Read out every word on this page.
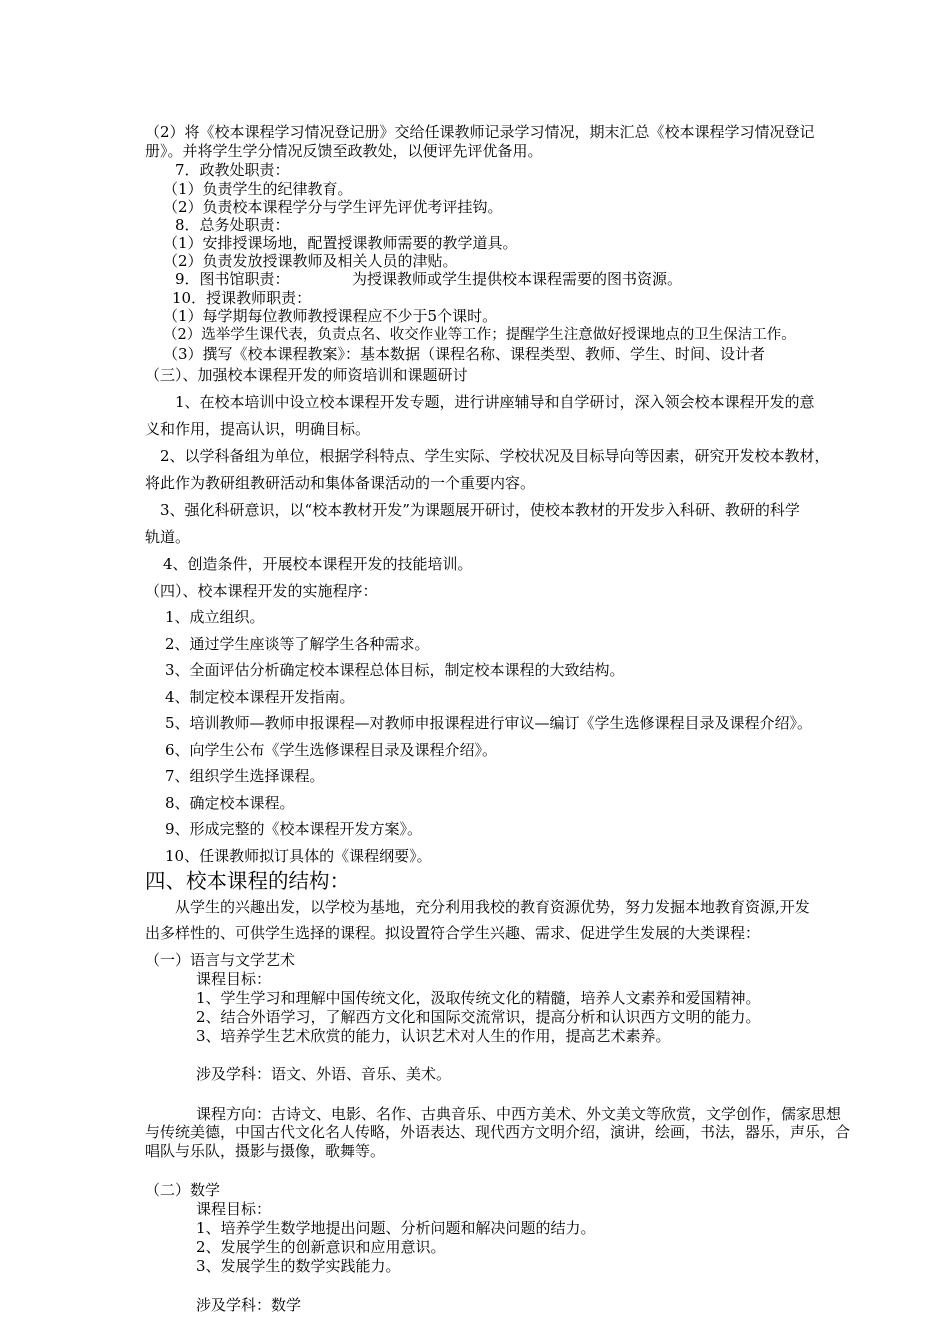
（2）将《校本课程学习情况登记册》交给任课教师记录学习情况，期末汇总《校本课程学习情况登记
册》。并将学生学分情况反馈至政教处，以便评先评优备用。
7．政教处职责：
（1）负责学生的纪律教育。
（2）负责校本课程学分与学生评先评优考评挂钩。
8．总务处职责：
（1）安排授课场地，配置授课教师需要的教学道具。
（2）负责发放授课教师及相关人员的津贴。
9．图书馆职责：	为授课教师或学生提供校本课程需要的图书资源。
10．授课教师职责：
（1）每学期每位教师教授课程应不少于5个课时。
（2）选举学生课代表，负责点名、收交作业等工作；提醒学生注意做好授课地点的卫生保洁工作。
（3）撰写《校本课程教案》：基本数据（课程名称、课程类型、教师、学生、时间、设计者
（三）、加强校本课程开发的师资培训和课题研讨
1、在校本培训中设立校本课程开发专题，进行讲座辅导和自学研讨，深入领会校本课程开发的意
义和作用，提高认识，明确目标。
2、以学科备组为单位，根据学科特点、学生实际、学校状况及目标导向等因素，研究开发校本教材，
将此作为教研组教研活动和集体备课活动的一个重要内容。
3、强化科研意识，以“校本教材开发”为课题展开研讨，使校本教材的开发步入科研、教研的科学
轨道。
4、创造条件，开展校本课程开发的技能培训。
（四）、校本课程开发的实施程序：
1、成立组织。
2、通过学生座谈等了解学生各种需求。
3、全面评估分析确定校本课程总体目标，制定校本课程的大致结构。
4、制定校本课程开发指南。
5、培训教师—教师申报课程—对教师申报课程进行审议—编订《学生选修课程目录及课程介绍》。
6、向学生公布《学生选修课程目录及课程介绍》。
7、组织学生选择课程。
8、确定校本课程。
9、形成完整的《校本课程开发方案》。
10、任课教师拟订具体的《课程纲要》。
四、校本课程的结构：
从学生的兴趣出发，以学校为基地，充分利用我校的教育资源优势，努力发掘本地教育资源,开发
出多样性的、可供学生选择的课程。拟设置符合学生兴趣、需求、促进学生发展的大类课程：
（一）语言与文学艺术
课程目标：
1、学生学习和理解中国传统文化，汲取传统文化的精髓，培养人文素养和爱国精神。
2、结合外语学习，了解西方文化和国际交流常识，提高分析和认识西方文明的能力。
3、培养学生艺术欣赏的能力，认识艺术对人生的作用，提高艺术素养。
涉及学科：语文、外语、音乐、美术。
课程方向：古诗文、电影、名作、古典音乐、中西方美术、外文美文等欣赏，文学创作，儒家思想
与传统美德，中国古代文化名人传略，外语表达、现代西方文明介绍，演讲，绘画，书法，器乐，声乐，合
唱队与乐队，摄影与摄像，歌舞等。
（二）数学
课程目标：
1、培养学生数学地提出问题、分析问题和解决问题的结力。
2、发展学生的创新意识和应用意识。
3、发展学生的数学实践能力。
涉及学科：数学
